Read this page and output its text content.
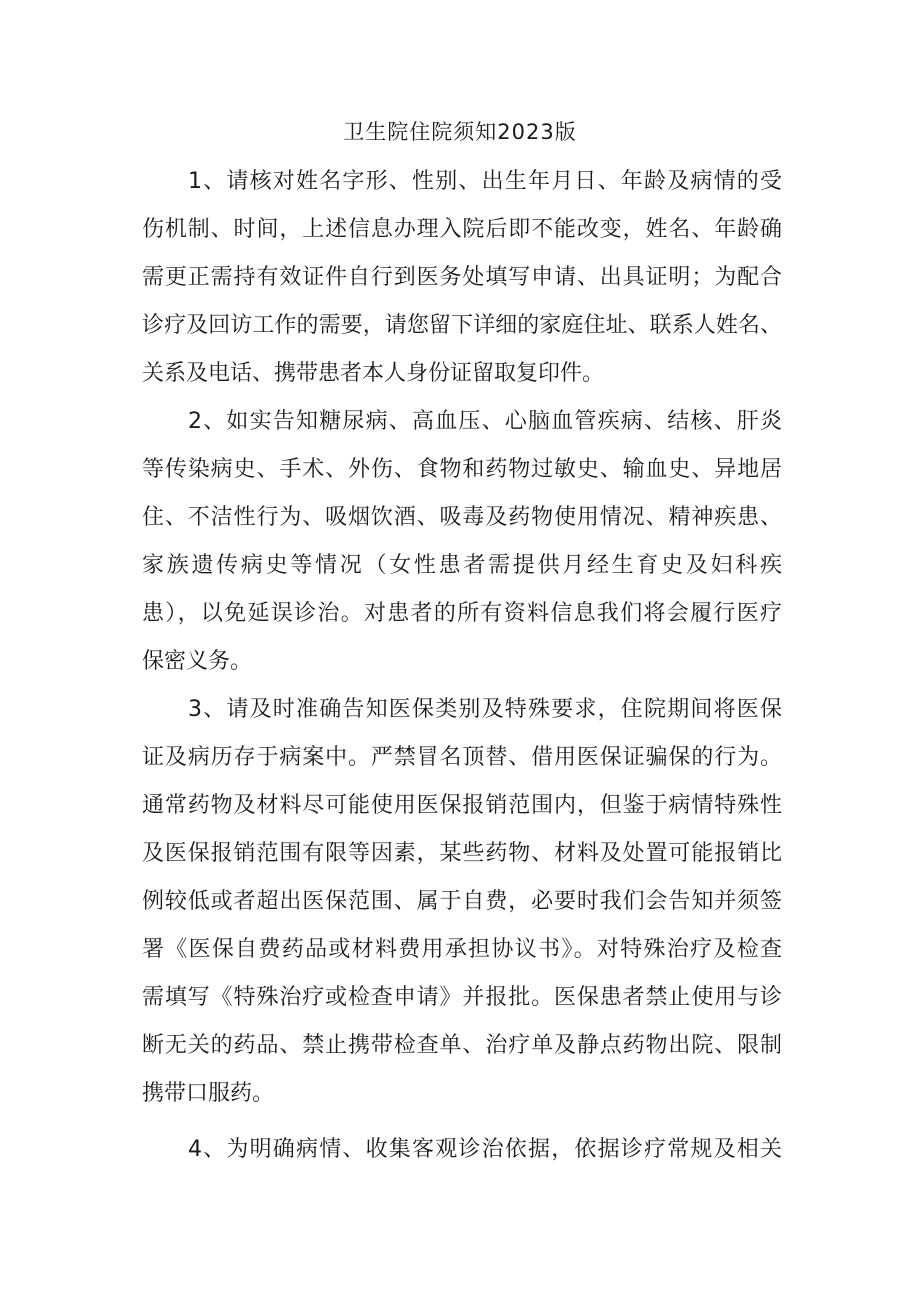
卫生院住院须知2023版
1、请核对姓名字形、性别、出生年月日、年龄及病情的受
伤机制、时间，上述信息办理入院后即不能改变，姓名、年龄确
需更正需持有效证件自行到医务处填写申请、出具证明；为配合
诊疗及回访工作的需要，请您留下详细的家庭住址、联系人姓名、
关系及电话、携带患者本人身份证留取复印件。
2、如实告知糖尿病、高血压、心脑血管疾病、结核、肝炎
等传染病史、手术、外伤、食物和药物过敏史、输血史、异地居
住、不洁性行为、吸烟饮酒、吸毒及药物使用情况、精神疾患、
家族遗传病史等情况（女性患者需提供月经生育史及妇科疾
患），以免延误诊治。对患者的所有资料信息我们将会履行医疗
保密义务。
3、请及时准确告知医保类别及特殊要求，住院期间将医保
证及病历存于病案中。严禁冒名顶替、借用医保证骗保的行为。
通常药物及材料尽可能使用医保报销范围内，但鉴于病情特殊性
及医保报销范围有限等因素，某些药物、材料及处置可能报销比
例较低或者超出医保范围、属于自费，必要时我们会告知并须签
署《医保自费药品或材料费用承担协议书》。对特殊治疗及检查
需填写《特殊治疗或检查申请》并报批。医保患者禁止使用与诊
断无关的药品、禁止携带检查单、治疗单及静点药物出院、限制
携带口服药。
4、为明确病情、收集客观诊治依据，依据诊疗常规及相关
